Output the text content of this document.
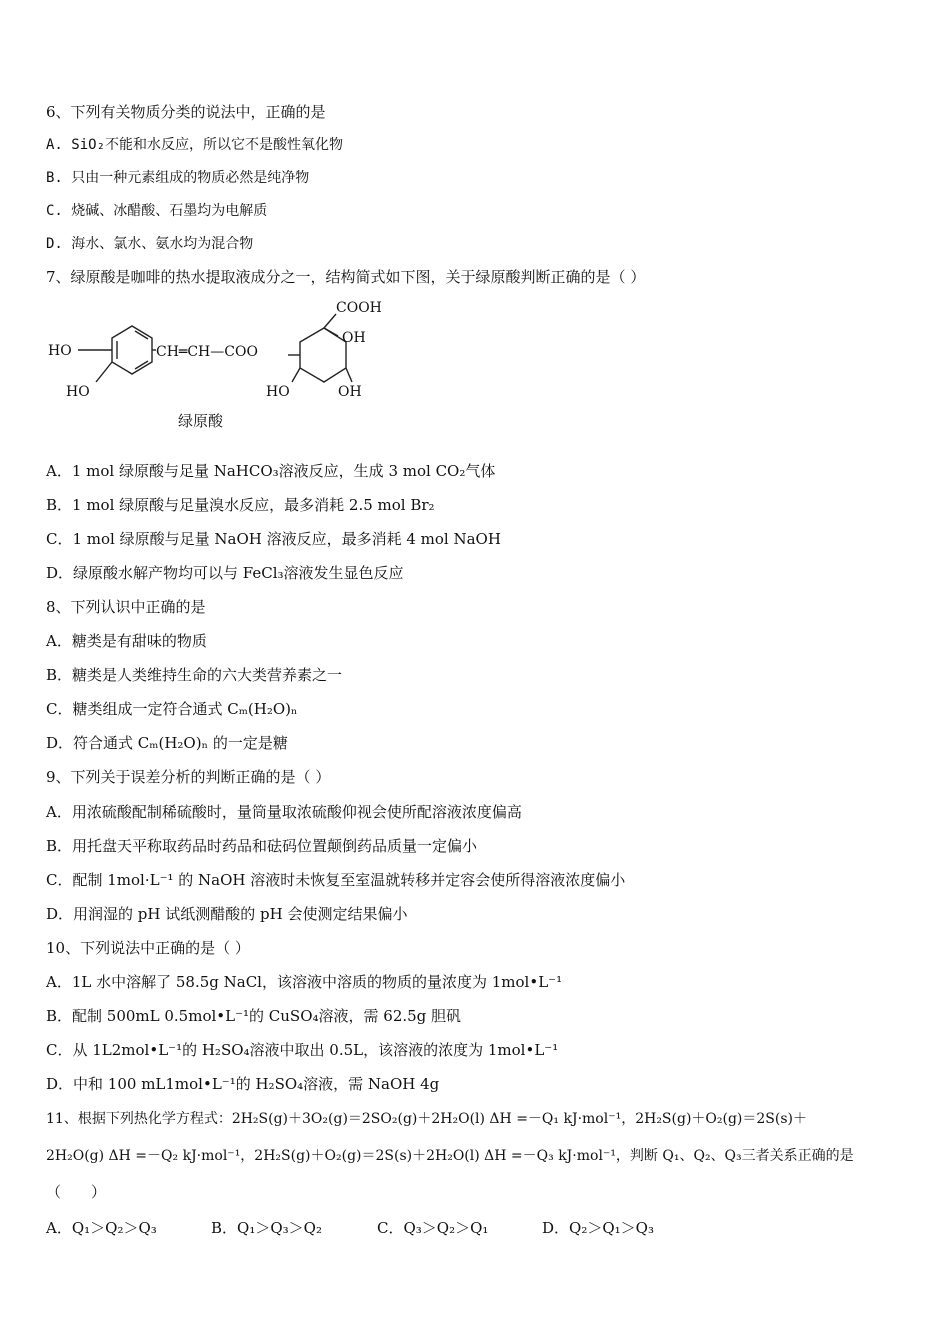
6、下列有关物质分类的说法中，正确的是
A. SiO₂不能和水反应，所以它不是酸性氧化物
B. 只由一种元素组成的物质必然是纯净物
C. 烧碱、冰醋酸、石墨均为电解质
D. 海水、氯水、氨水均为混合物
7、绿原酸是咖啡的热水提取液成分之一，结构简式如下图，关于绿原酸判断正确的是（ ）
COOH
OH
HO
HO
CH═CH—COO
HO	OH
绿原酸
A．1 mol 绿原酸与足量 NaHCO₃溶液反应，生成 3 mol CO₂气体
B．1 mol 绿原酸与足量溴水反应，最多消耗 2.5 mol Br₂
C．1 mol 绿原酸与足量 NaOH 溶液反应，最多消耗 4 mol NaOH
D．绿原酸水解产物均可以与 FeCl₃溶液发生显色反应
8、下列认识中正确的是
A．糖类是有甜味的物质
B．糖类是人类维持生命的六大类营养素之一
C．糖类组成一定符合通式 Cₘ(H₂O)ₙ
D．符合通式 Cₘ(H₂O)ₙ 的一定是糖
9、下列关于误差分析的判断正确的是（ ）
A．用浓硫酸配制稀硫酸时，量筒量取浓硫酸仰视会使所配溶液浓度偏高
B．用托盘天平称取药品时药品和砝码位置颠倒药品质量一定偏小
C．配制 1mol·L⁻¹ 的 NaOH 溶液时未恢复至室温就转移并定容会使所得溶液浓度偏小
D．用润湿的 pH 试纸测醋酸的 pH 会使测定结果偏小
10、下列说法中正确的是（ ）
A．1L 水中溶解了 58.5g NaCl，该溶液中溶质的物质的量浓度为 1mol•L⁻¹
B．配制 500mL 0.5mol•L⁻¹的 CuSO₄溶液，需 62.5g 胆矾
C．从 1L2mol•L⁻¹的 H₂SO₄溶液中取出 0.5L，该溶液的浓度为 1mol•L⁻¹
D．中和 100 mL1mol•L⁻¹的 H₂SO₄溶液，需 NaOH 4g
11、根据下列热化学方程式：2H₂S(g)＋3O₂(g)＝2SO₂(g)＋2H₂O(l) ΔH =－Q₁ kJ·mol⁻¹，2H₂S(g)＋O₂(g)＝2S(s)＋
2H₂O(g) ΔH =－Q₂ kJ·mol⁻¹，2H₂S(g)＋O₂(g)＝2S(s)＋2H₂O(l) ΔH =－Q₃ kJ·mol⁻¹，判断 Q₁、Q₂、Q₃三者关系正确的是
（　　）
A．Q₁＞Q₂＞Q₃	B．Q₁＞Q₃＞Q₂	C．Q₃＞Q₂＞Q₁	D．Q₂＞Q₁＞Q₃
